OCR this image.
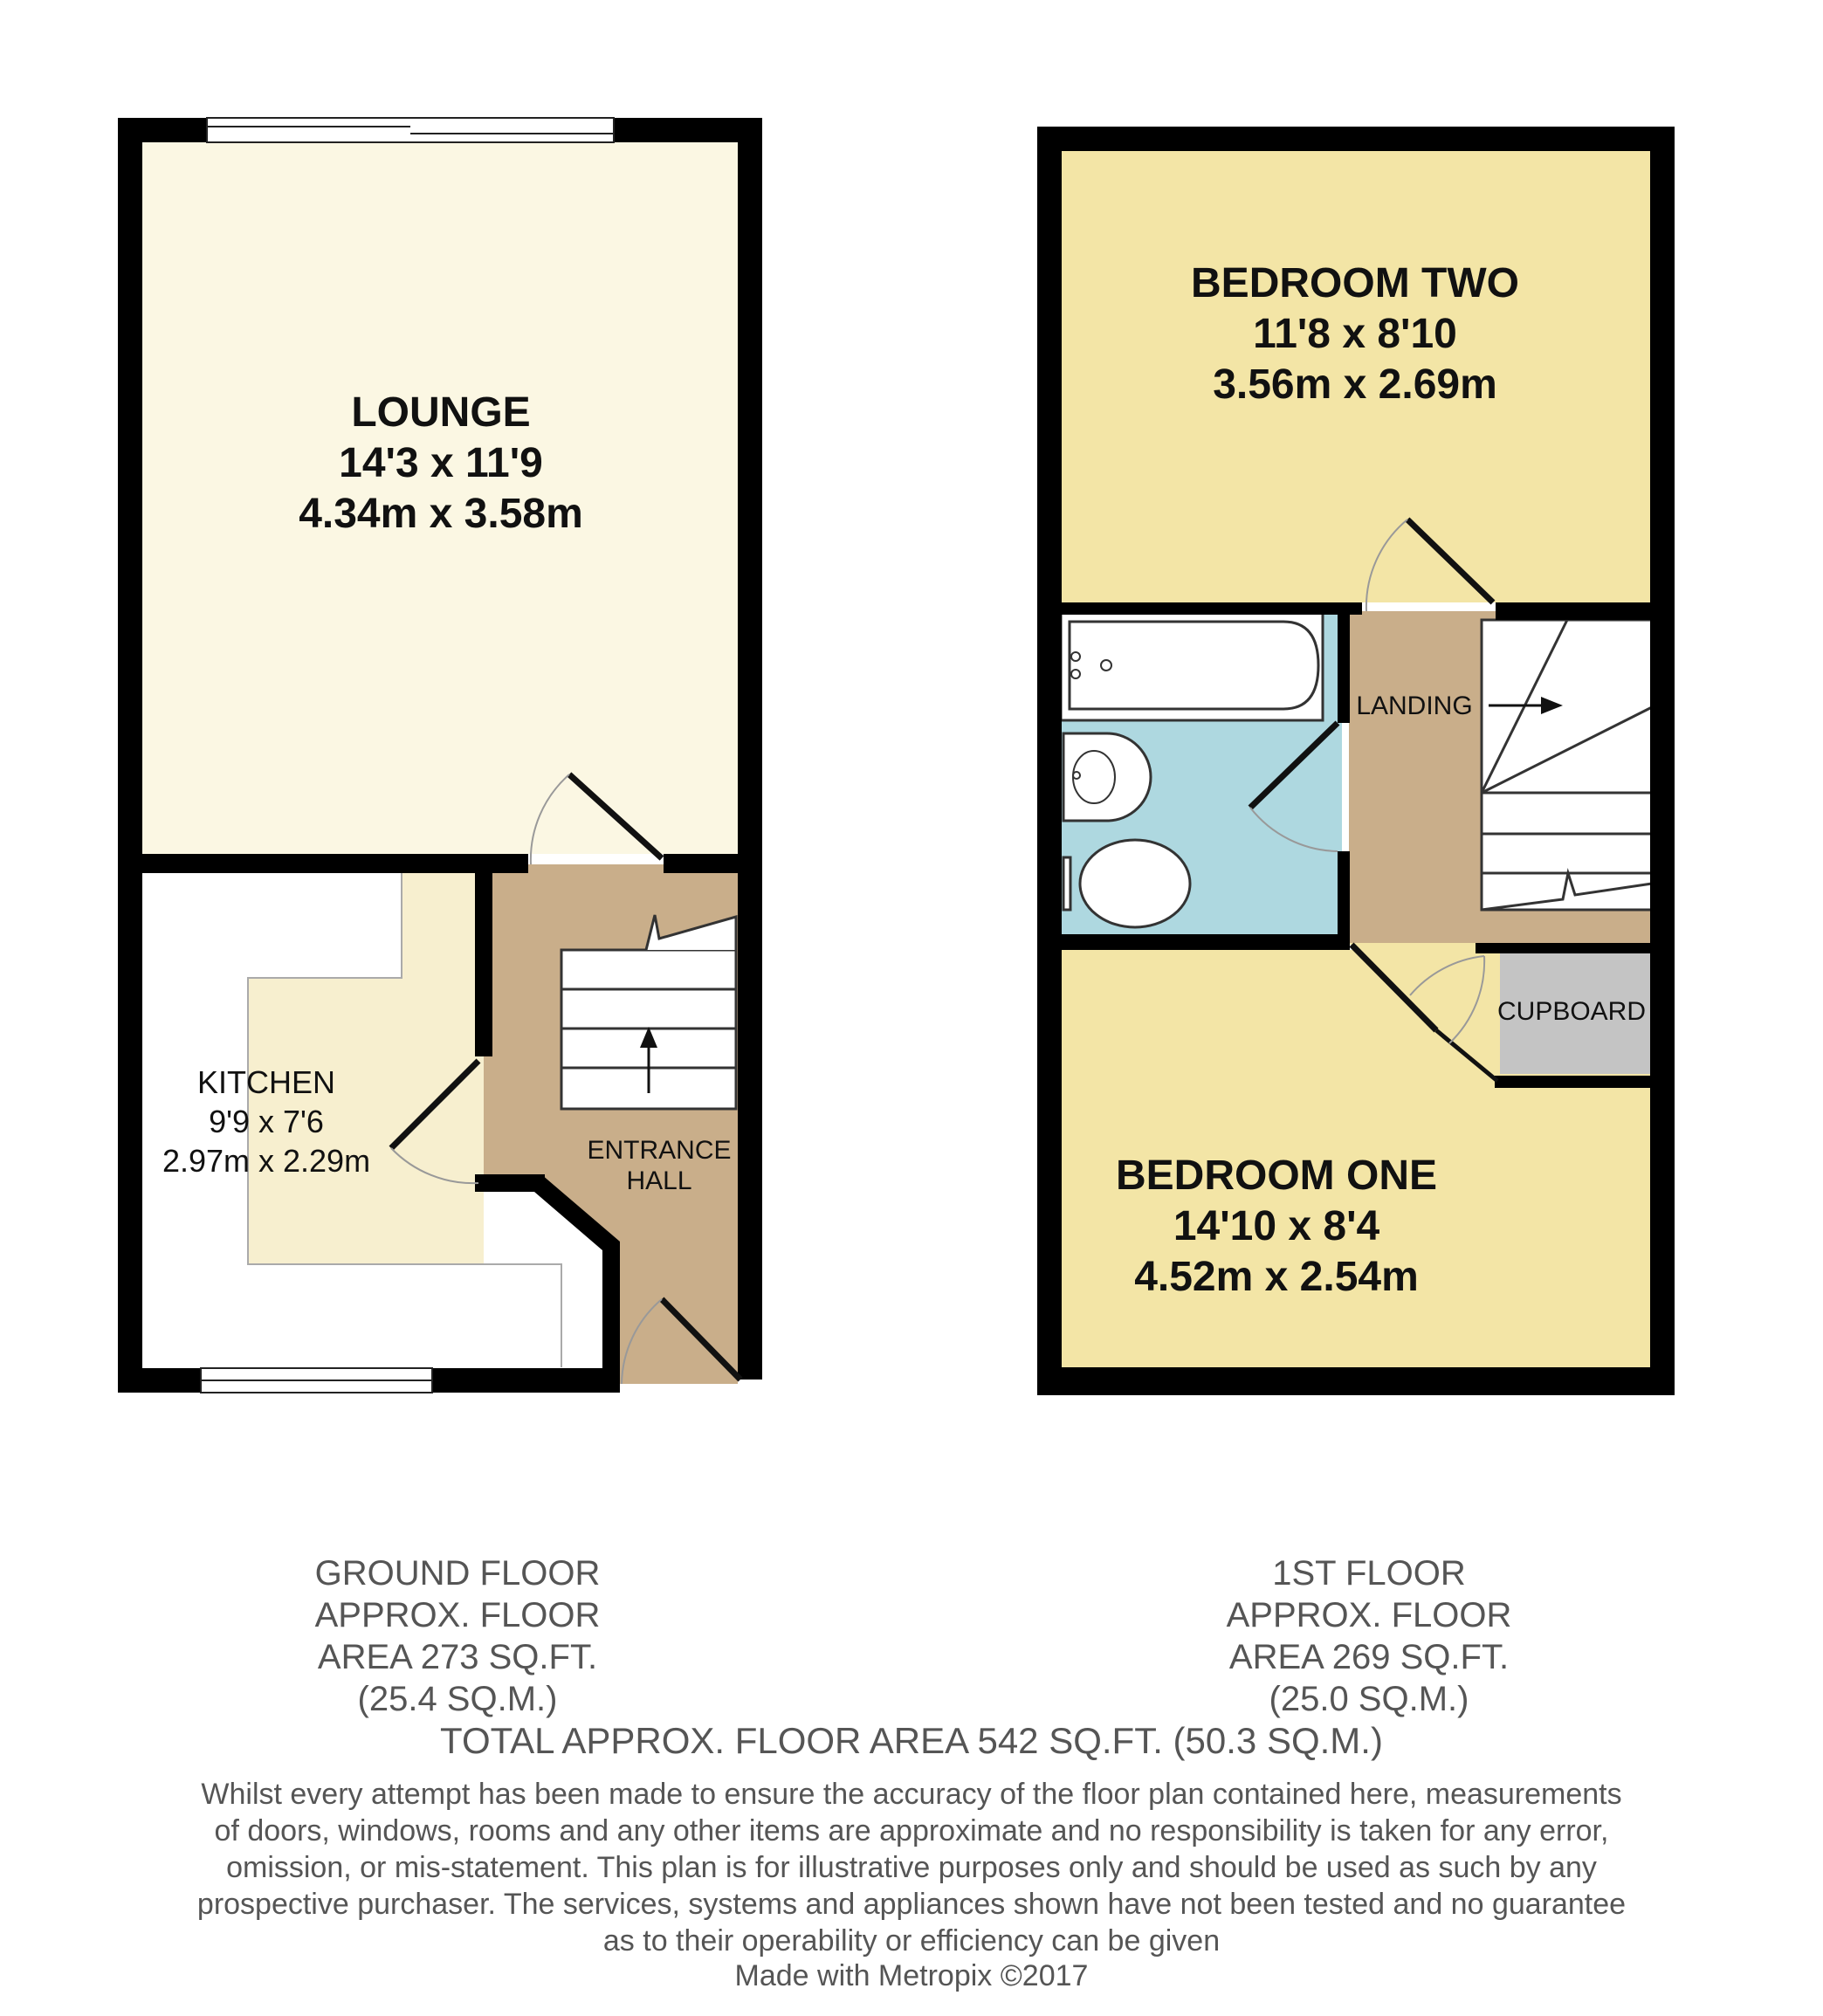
LOUNGE
14'3 x 11'9
4.34m x 3.58m
KITCHEN
9'9 x 7'6
2.97m x 2.29m	ENTRANCE
HALL
BEDROOM TWO
11'8 x 8'10
3.56m x 2.69m
BEDROOM ONE
14'10 x 8'4
4.52m x 2.54m
LANDING
CUPBOARD
GROUND FLOOR
APPROX. FLOOR
AREA 273 SQ.FT.
(25.4 SQ.M.)
1ST FLOOR
APPROX. FLOOR
AREA 269 SQ.FT.
(25.0 SQ.M.)
TOTAL APPROX. FLOOR AREA 542 SQ.FT. (50.3 SQ.M.)
Whilst every attempt has been made to ensure the accuracy of the floor plan contained here, measurements
of doors, windows, rooms and any other items are approximate and no responsibility is taken for any error,
omission, or mis-statement. This plan is for illustrative purposes only and should be used as such by any
prospective purchaser. The services, systems and appliances shown have not been tested and no guarantee
as to their operability or efficiency can be given
Made with Metropix ©2017
